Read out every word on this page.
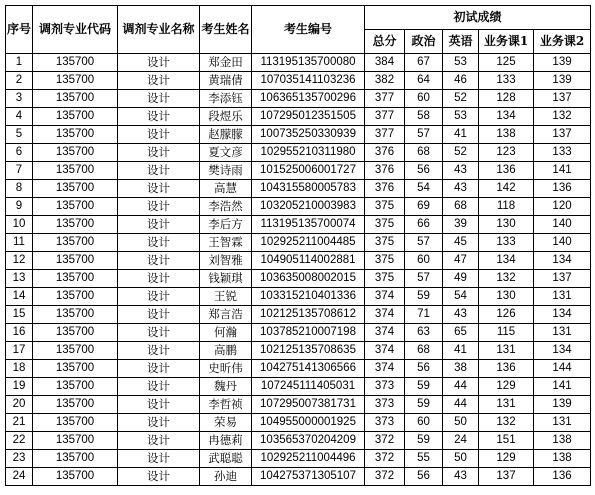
序号	调剂专业代码	调剂专业名称	考生姓名	考生编号	初试成绩				
					总分	政治	英语	业务课1	业务课2
1	135700	设计	郑金田	113195135700080	384	67	53	125	139
2	135700	设计	黄瑞倩	107035141103236	382	64	46	133	139
3	135700	设计	李添钰	106365135700296	377	60	52	128	137
4	135700	设计	段煜乐	107295012351505	377	58	53	134	132
5	135700	设计	赵朦朦	100735250330939	377	57	41	138	137
6	135700	设计	夏文彦	102955210311980	376	68	52	123	133
7	135700	设计	樊诗雨	101525006001727	376	56	43	136	141
8	135700	设计	高慧	104315580005783	376	54	43	142	136
9	135700	设计	李浩然	103205210003983	375	69	68	118	120
10	135700	设计	李后方	113195135700074	375	66	39	130	140
11	135700	设计	王智霖	102925211004485	375	57	45	133	140
12	135700	设计	刘智雅	104905114002881	375	60	47	134	134
13	135700	设计	钱颖琪	103635008002015	375	57	49	132	137
14	135700	设计	王锐	103315210401336	374	59	54	130	131
15	135700	设计	郑言浩	102125135708612	374	71	43	126	134
16	135700	设计	何瀚	103785210007198	374	63	65	115	131
17	135700	设计	高鹏	102125135708635	374	68	41	131	134
18	135700	设计	史昕伟	104275141306566	374	56	38	136	144
19	135700	设计	魏丹	107245111405031	373	59	44	129	141
20	135700	设计	李哲祯	107295007381731	373	59	44	131	139
21	135700	设计	荣易	104955000001925	373	60	50	132	131
22	135700	设计	冉德莉	103565370204209	372	59	24	151	138
23	135700	设计	武聪聪	102925211004496	372	55	50	129	138
24	135700	设计	孙迪	104275371305107	372	56	43	137	136
